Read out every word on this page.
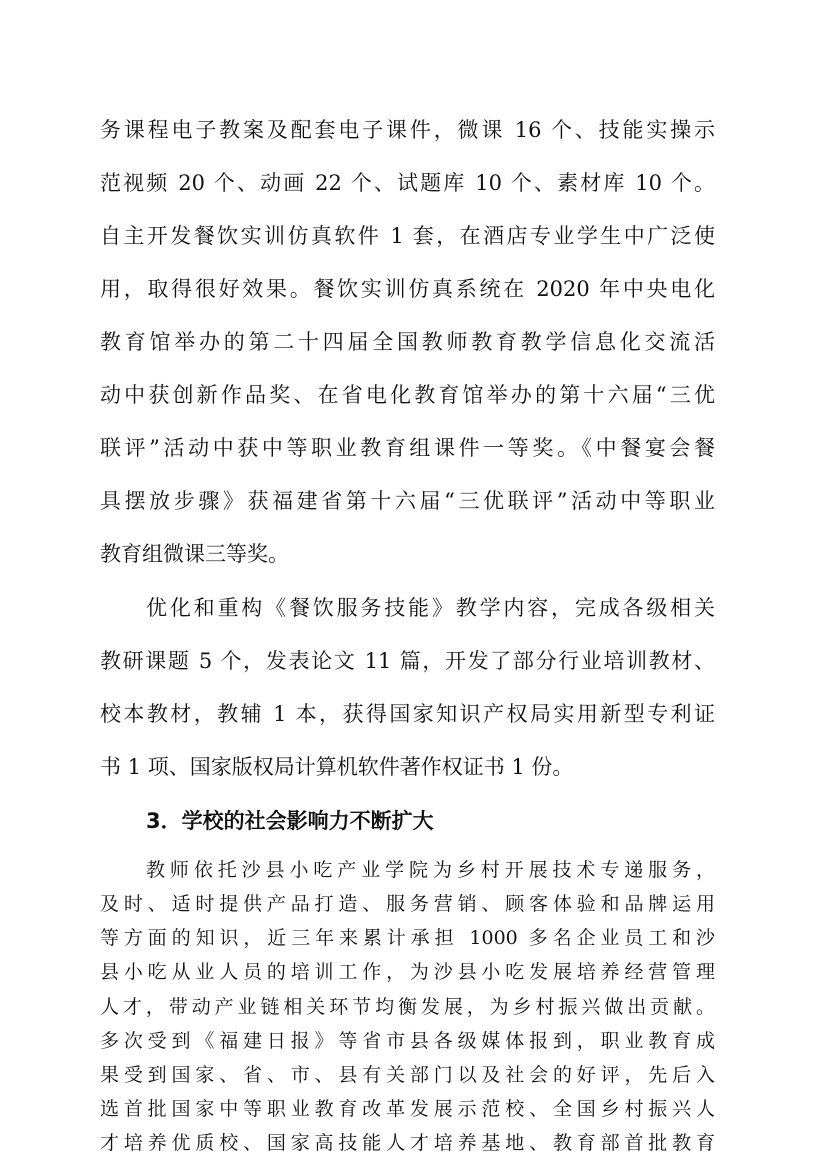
务课程电子教案及配套电子课件，微课 16 个、技能实操示
范视频 20 个、动画 22 个、试题库 10 个、素材库 10 个。
自主开发餐饮实训仿真软件 1 套，在酒店专业学生中广泛使
用，取得很好效果。餐饮实训仿真系统在 2020 年中央电化
教育馆举办的第二十四届全国教师教育教学信息化交流活
动中获创新作品奖、在省电化教育馆举办的第十六届“三优
联评”活动中获中等职业教育组课件一等奖。《中餐宴会餐
具摆放步骤》获福建省第十六届“三优联评”活动中等职业
教育组微课三等奖。
优化和重构《餐饮服务技能》教学内容，完成各级相关
教研课题 5 个，发表论文 11 篇，开发了部分行业培训教材、
校本教材，教辅 1 本，获得国家知识产权局实用新型专利证
书 1 项、国家版权局计算机软件著作权证书 1 份。
3．学校的社会影响力不断扩大
教师依托沙县小吃产业学院为乡村开展技术专递服务，
及时、适时提供产品打造、服务营销、顾客体验和品牌运用
等方面的知识，近三年来累计承担 1000 多名企业员工和沙
县小吃从业人员的培训工作，为沙县小吃发展培养经营管理
人才，带动产业链相关环节均衡发展，为乡村振兴做出贡献。
多次受到《福建日报》等省市县各级媒体报到，职业教育成
果受到国家、省、市、县有关部门以及社会的好评，先后入
选首批国家中等职业教育改革发展示范校、全国乡村振兴人
才培养优质校、国家高技能人才培养基地、教育部首批教育
